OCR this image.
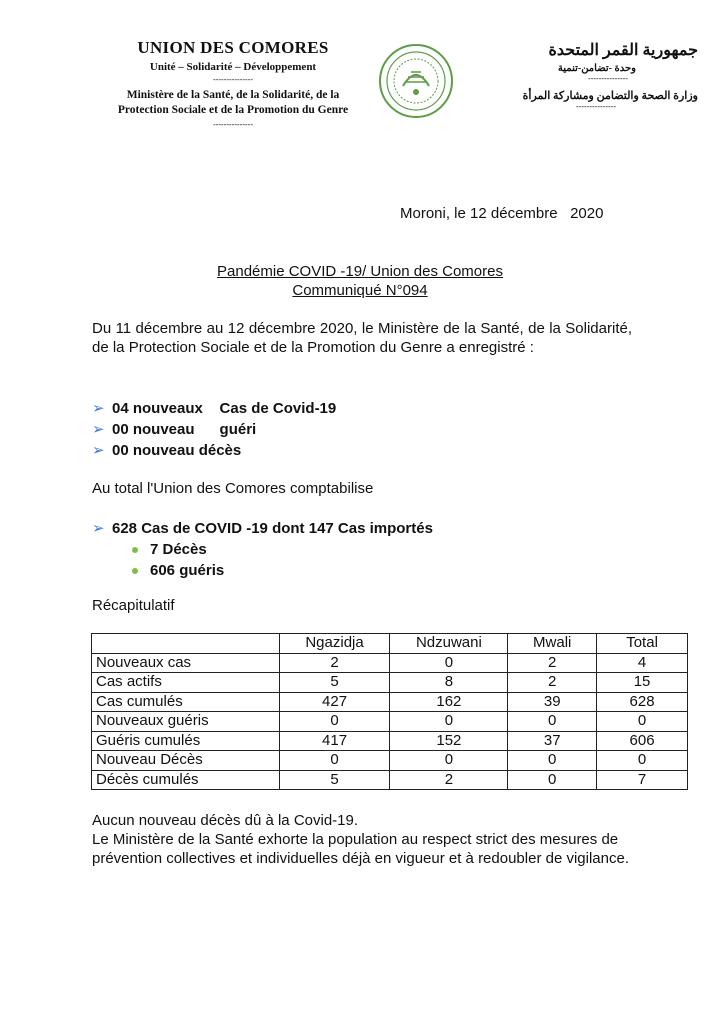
UNION DES COMORES
Unité – Solidarité – Développement
---------------
Ministère de la Santé, de la Solidarité, de la
Protection Sociale et de la Promotion du Genre
---------------
جمهورية القمر المتحدة
وحدة -تضامن-تنمية
---------------
وزارة الصحة والتضامن ومشاركة المرأة
---------------
Moroni, le 12 décembre   2020
Pandémie COVID -19/ Union des Comores
Communiqué N°094
Du 11 décembre au 12 décembre 2020, le Ministère de la Santé, de la Solidarité, de la Protection Sociale et de la Promotion du Genre a enregistré :
➢ 04 nouveaux    Cas de Covid-19
➢ 00 nouveau      guéri
➢ 00 nouveau décès
Au total l'Union des Comores comptabilise
➢ 628 Cas de COVID -19 dont 147 Cas importés
7 Décès
606 guéris
Récapitulatif
	Ngazidja	Ndzuwani	Mwali	Total
Nouveaux cas	2	0	2	4
Cas actifs	5	8	2	15
Cas cumulés	427	162	39	628
Nouveaux guéris	0	0	0	0
Guéris cumulés	417	152	37	606
Nouveau Décès	0	0	0	0
Décès cumulés	5	2	0	7
Aucun nouveau décès dû à la Covid-19.
Le Ministère de la Santé exhorte la population au respect strict des mesures de prévention collectives et individuelles déjà en vigueur et à redoubler de vigilance.
